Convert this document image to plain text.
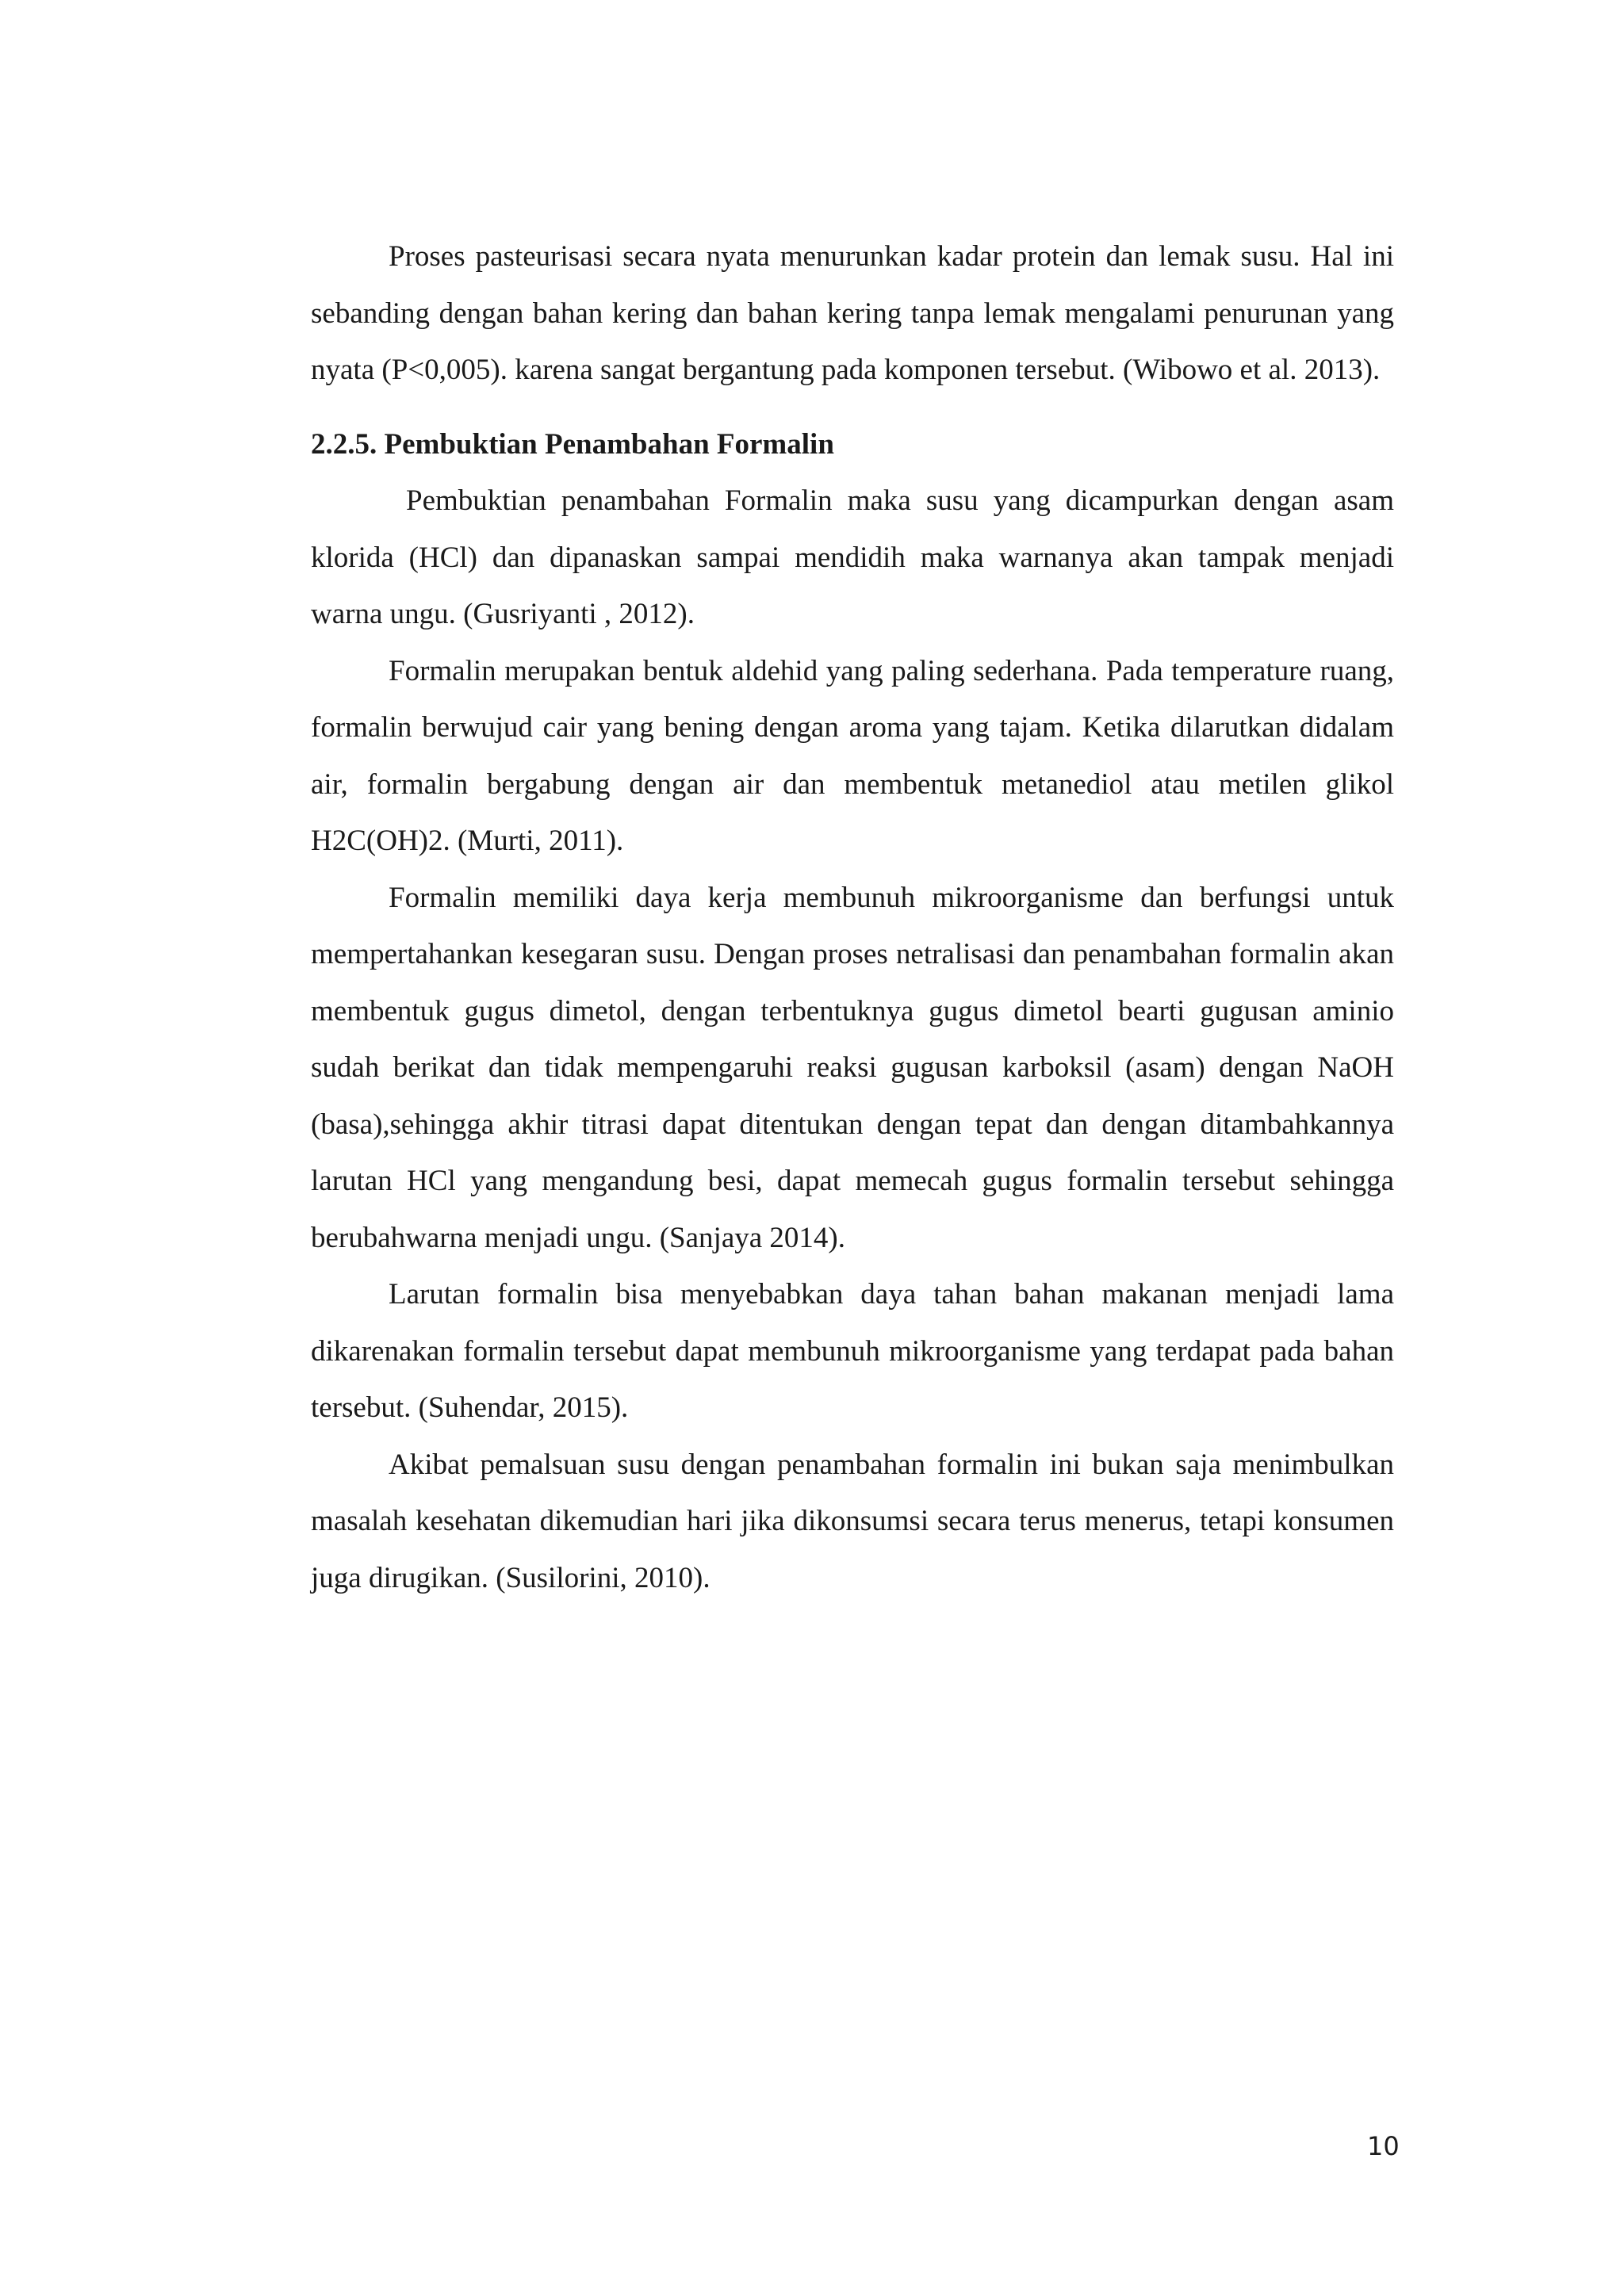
Proses pasteurisasi secara nyata menurunkan kadar protein dan lemak susu. Hal ini sebanding dengan bahan kering dan bahan kering tanpa lemak mengalami penurunan yang nyata (P<0,005). karena sangat bergantung pada komponen tersebut. (Wibowo et al. 2013).

2.2.5. Pembuktian Penambahan Formalin

Pembuktian penambahan Formalin maka susu yang dicampurkan dengan asam klorida (HCl) dan dipanaskan sampai mendidih maka warnanya akan tampak menjadi warna ungu. (Gusriyanti , 2012).

Formalin merupakan bentuk aldehid yang paling sederhana. Pada temperature ruang, formalin berwujud cair yang bening dengan aroma yang tajam. Ketika dilarutkan didalam air, formalin bergabung dengan air dan membentuk metanediol atau metilen glikol H2C(OH)2. (Murti, 2011).

Formalin memiliki daya kerja membunuh mikroorganisme dan berfungsi untuk mempertahankan kesegaran susu. Dengan proses netralisasi dan penambahan formalin akan membentuk gugus dimetol, dengan terbentuknya gugus dimetol bearti gugusan aminio sudah berikat dan tidak mempengaruhi reaksi gugusan karboksil (asam) dengan NaOH (basa),sehingga akhir titrasi dapat ditentukan dengan tepat dan dengan ditambahkannya larutan HCl yang mengandung besi, dapat memecah gugus formalin tersebut sehingga berubahwarna menjadi ungu. (Sanjaya 2014).

Larutan formalin bisa menyebabkan daya tahan bahan makanan menjadi lama dikarenakan formalin tersebut dapat membunuh mikroorganisme yang terdapat pada bahan tersebut. (Suhendar, 2015).

Akibat pemalsuan susu dengan penambahan formalin ini bukan saja menimbulkan masalah kesehatan dikemudian hari jika dikonsumsi secara terus menerus, tetapi konsumen juga dirugikan. (Susilorini, 2010).

10
